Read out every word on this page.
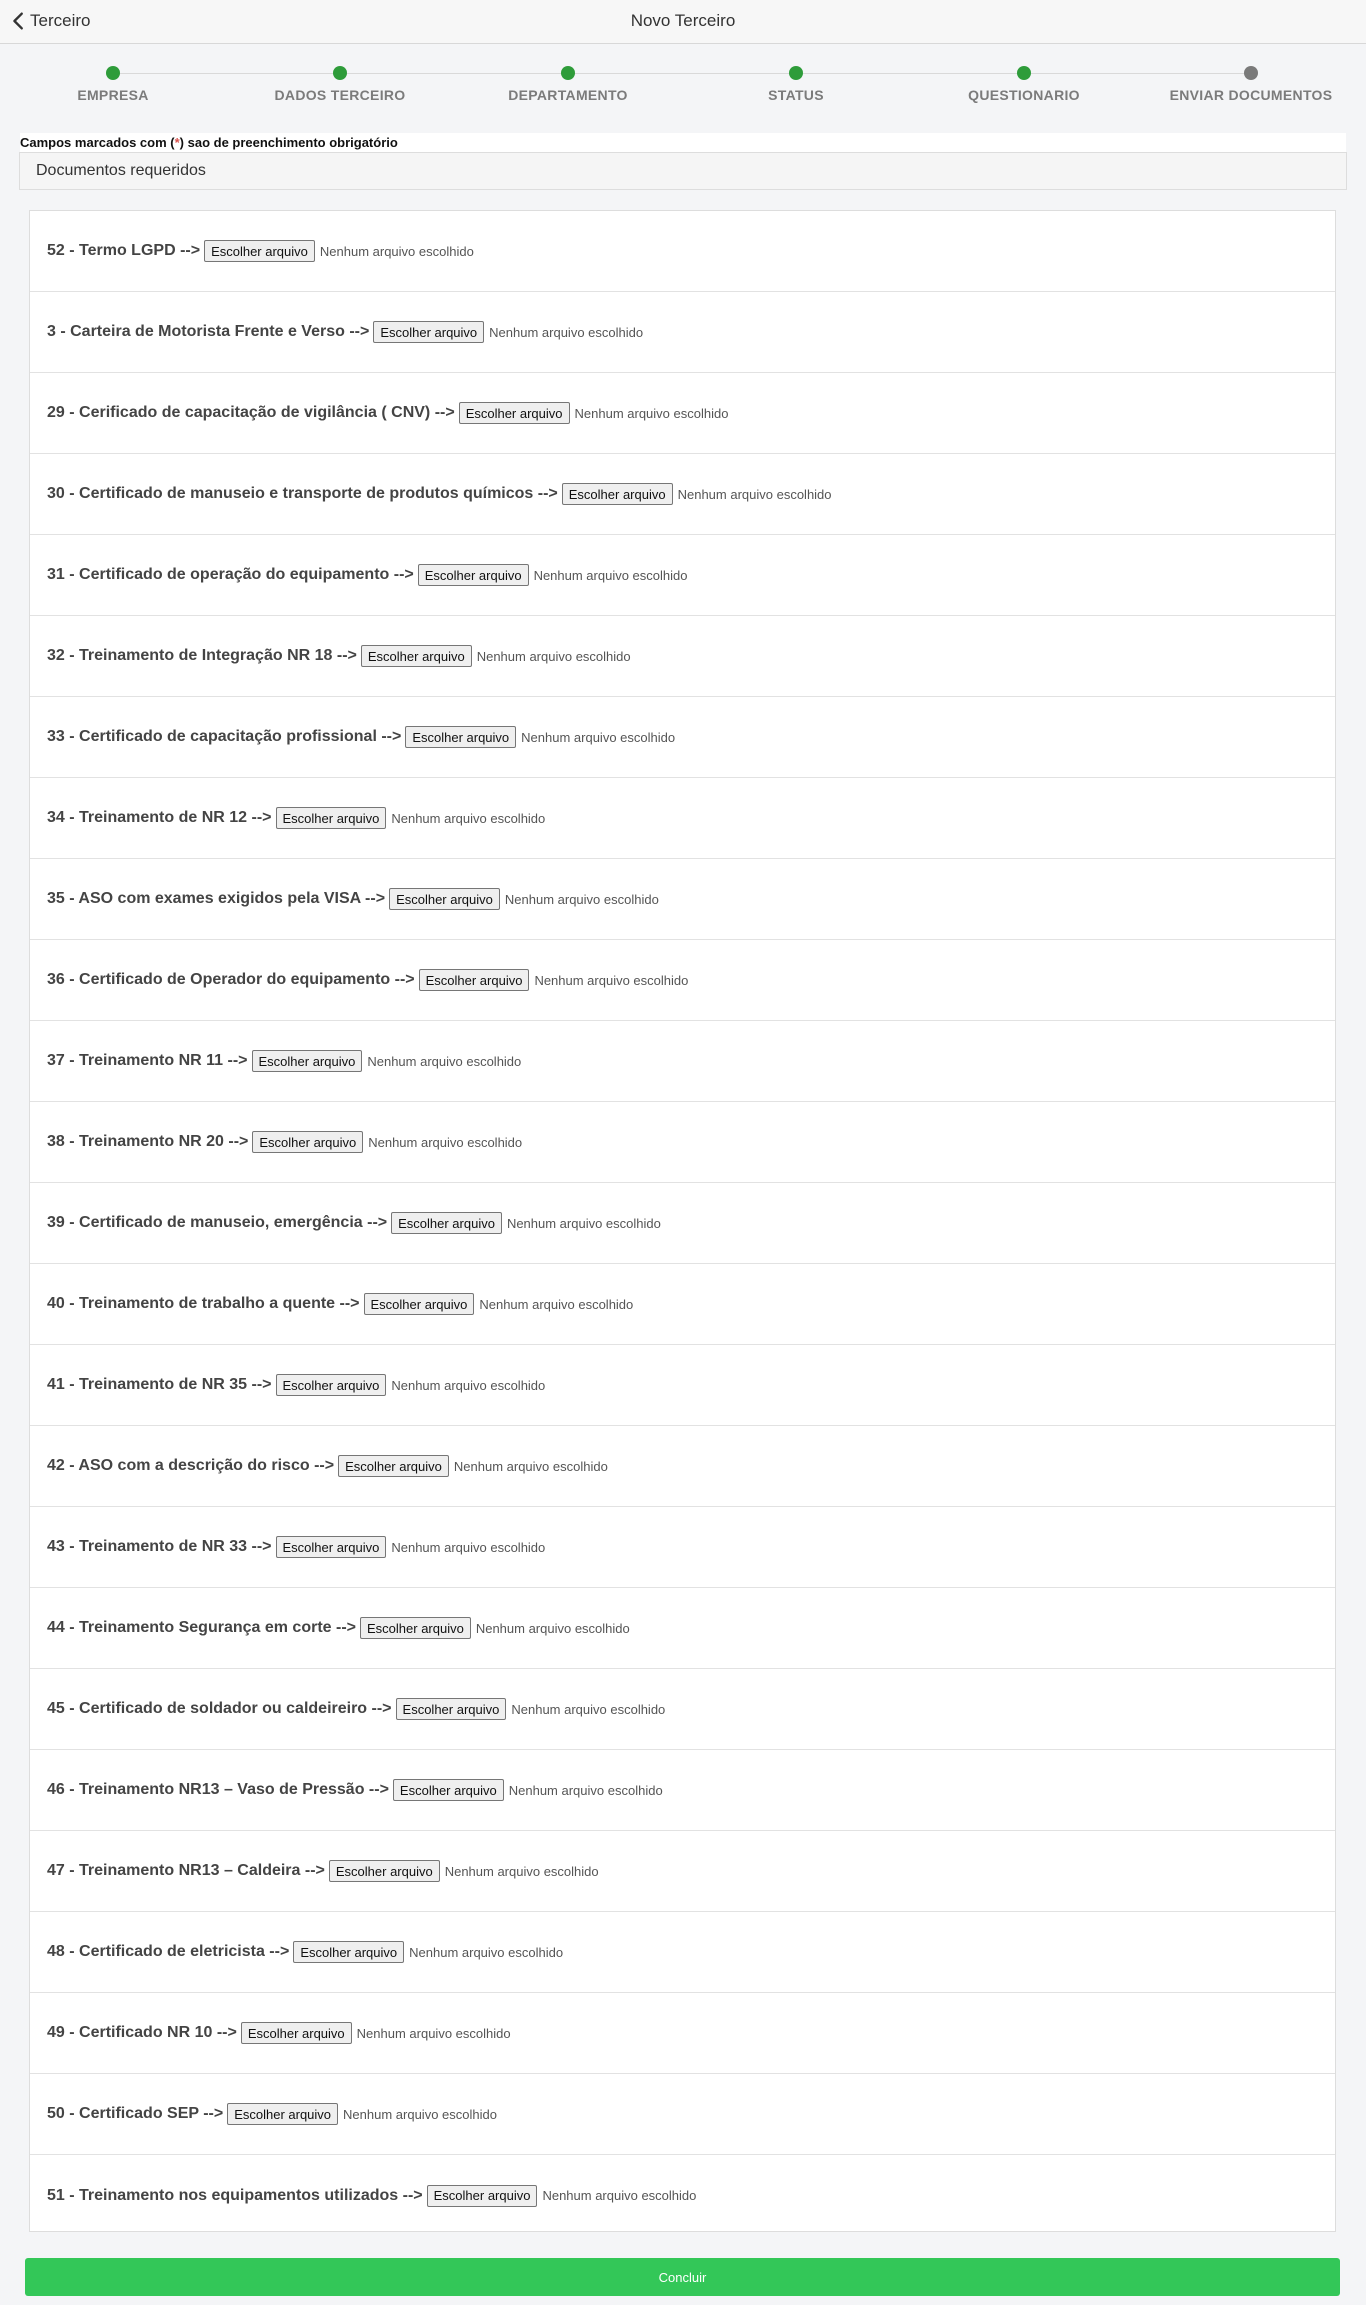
Terceiro	Novo Terceiro
EMPRESA	DADOS TERCEIRO	DEPARTAMENTO	STATUS	QUESTIONARIO	ENVIAR DOCUMENTOS
Campos marcados com (*) sao de preenchimento obrigatório
Documentos requeridos
52 - Termo LGPD --> Escolher arquivo Nenhum arquivo escolhido
3 - Carteira de Motorista Frente e Verso --> Escolher arquivo Nenhum arquivo escolhido
29 - Cerificado de capacitação de vigilância ( CNV) --> Escolher arquivo Nenhum arquivo escolhido
30 - Certificado de manuseio e transporte de produtos químicos --> Escolher arquivo Nenhum arquivo escolhido
31 - Certificado de operação do equipamento --> Escolher arquivo Nenhum arquivo escolhido
32 - Treinamento de Integração NR 18 --> Escolher arquivo Nenhum arquivo escolhido
33 - Certificado de capacitação profissional --> Escolher arquivo Nenhum arquivo escolhido
34 - Treinamento de NR 12 --> Escolher arquivo Nenhum arquivo escolhido
35 - ASO com exames exigidos pela VISA --> Escolher arquivo Nenhum arquivo escolhido
36 - Certificado de Operador do equipamento --> Escolher arquivo Nenhum arquivo escolhido
37 - Treinamento NR 11 --> Escolher arquivo Nenhum arquivo escolhido
38 - Treinamento NR 20 --> Escolher arquivo Nenhum arquivo escolhido
39 - Certificado de manuseio, emergência --> Escolher arquivo Nenhum arquivo escolhido
40 - Treinamento de trabalho a quente --> Escolher arquivo Nenhum arquivo escolhido
41 - Treinamento de NR 35 --> Escolher arquivo Nenhum arquivo escolhido
42 - ASO com a descrição do risco --> Escolher arquivo Nenhum arquivo escolhido
43 - Treinamento de NR 33 --> Escolher arquivo Nenhum arquivo escolhido
44 - Treinamento Segurança em corte --> Escolher arquivo Nenhum arquivo escolhido
45 - Certificado de soldador ou caldeireiro --> Escolher arquivo Nenhum arquivo escolhido
46 - Treinamento NR13 – Vaso de Pressão --> Escolher arquivo Nenhum arquivo escolhido
47 - Treinamento NR13 – Caldeira --> Escolher arquivo Nenhum arquivo escolhido
48 - Certificado de eletricista --> Escolher arquivo Nenhum arquivo escolhido
49 - Certificado NR 10 --> Escolher arquivo Nenhum arquivo escolhido
50 - Certificado SEP --> Escolher arquivo Nenhum arquivo escolhido
51 - Treinamento nos equipamentos utilizados --> Escolher arquivo Nenhum arquivo escolhido
Concluir
